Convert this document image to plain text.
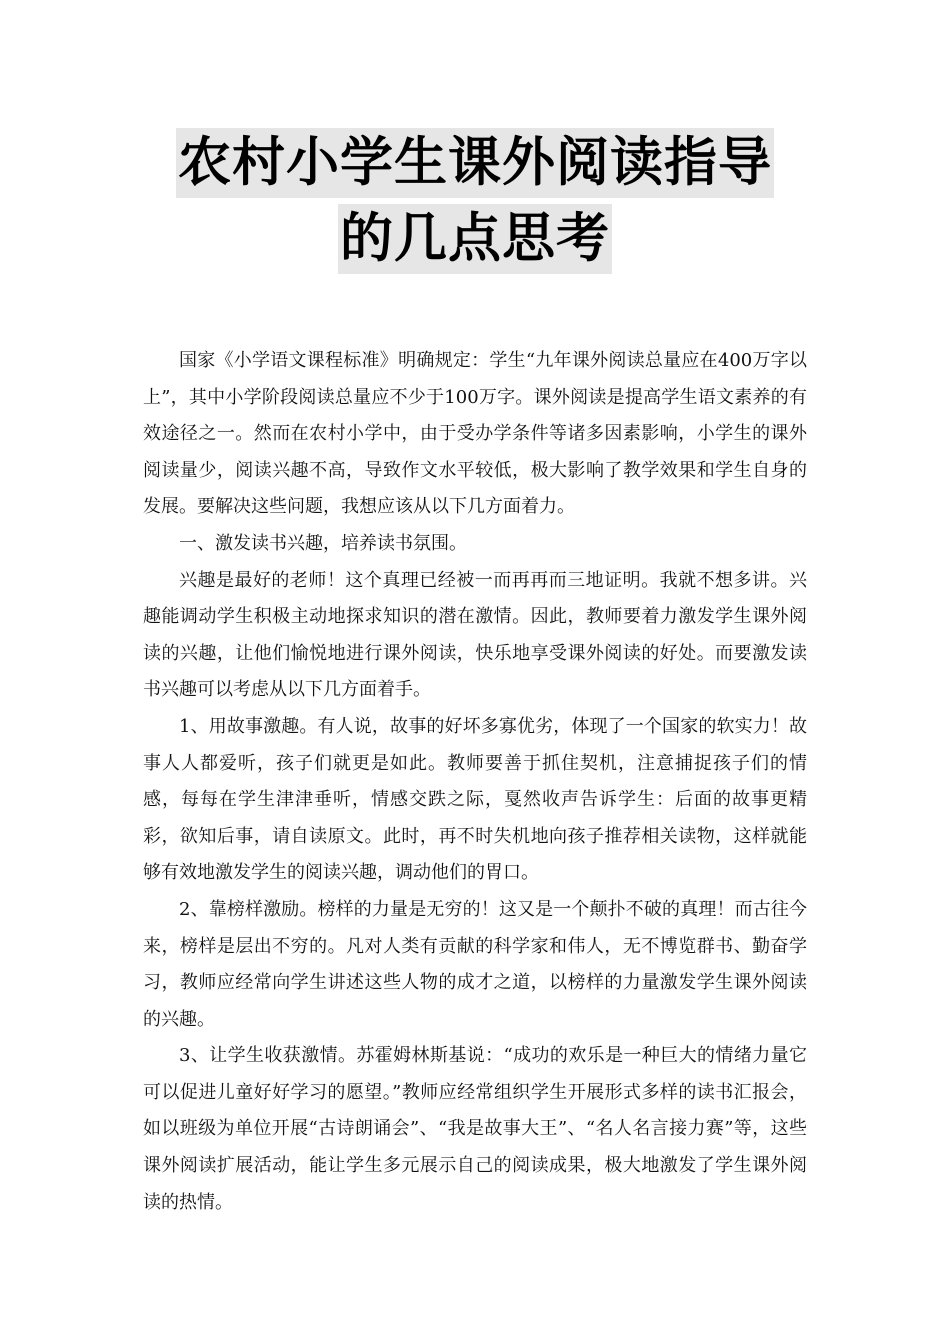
农村小学生课外阅读指导
的几点思考

国家《小学语文课程标准》明确规定：学生“九年课外阅读总量应在400万字以上”，其中小学阶段阅读总量应不少于100万字。课外阅读是提高学生语文素养的有效途径之一。然而在农村小学中，由于受办学条件等诸多因素影响，小学生的课外阅读量少，阅读兴趣不高，导致作文水平较低，极大影响了教学效果和学生自身的发展。要解决这些问题，我想应该从以下几方面着力。

一、激发读书兴趣，培养读书氛围。

兴趣是最好的老师！这个真理已经被一而再再而三地证明。我就不想多讲。兴趣能调动学生积极主动地探求知识的潜在激情。因此，教师要着力激发学生课外阅读的兴趣，让他们愉悦地进行课外阅读，快乐地享受课外阅读的好处。而要激发读书兴趣可以考虑从以下几方面着手。

1、用故事激趣。有人说，故事的好坏多寡优劣，体现了一个国家的软实力！故事人人都爱听，孩子们就更是如此。教师要善于抓住契机，注意捕捉孩子们的情感，每每在学生津津垂听，情感交跌之际，戛然收声告诉学生：后面的故事更精彩，欲知后事，请自读原文。此时，再不时失机地向孩子推荐相关读物，这样就能够有效地激发学生的阅读兴趣，调动他们的胃口。

2、靠榜样激励。榜样的力量是无穷的！这又是一个颠扑不破的真理！而古往今来，榜样是层出不穷的。凡对人类有贡献的科学家和伟人，无不博览群书、勤奋学习，教师应经常向学生讲述这些人物的成才之道，以榜样的力量激发学生课外阅读的兴趣。

3、让学生收获激情。苏霍姆林斯基说：“成功的欢乐是一种巨大的情绪力量它可以促进儿童好好学习的愿望。”教师应经常组织学生开展形式多样的读书汇报会，如以班级为单位开展“古诗朗诵会”、“我是故事大王”、“名人名言接力赛”等，这些课外阅读扩展活动，能让学生多元展示自己的阅读成果，极大地激发了学生课外阅读的热情。
